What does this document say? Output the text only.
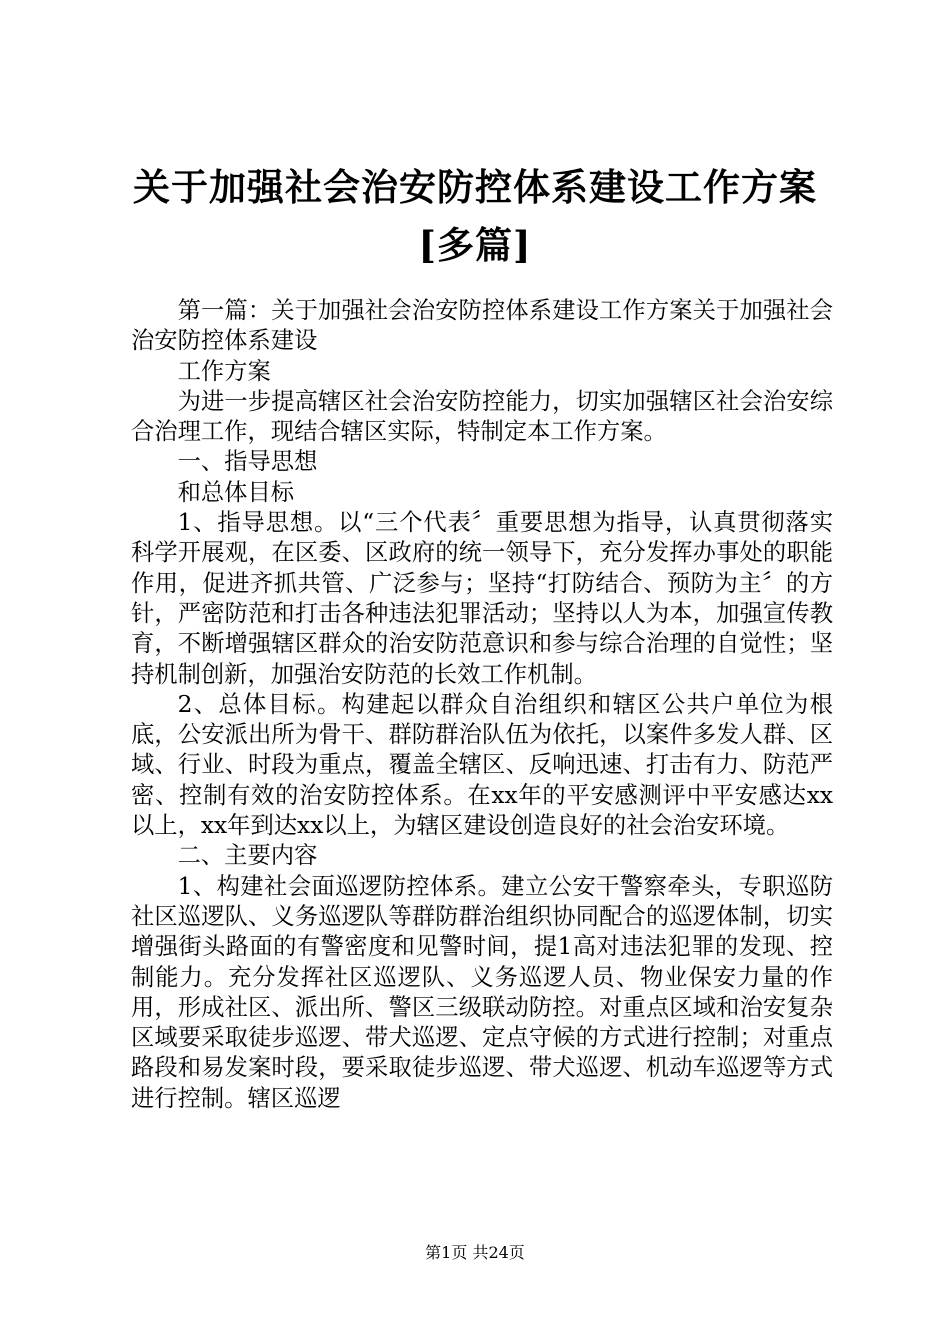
关于加强社会治安防控体系建设工作方案[多篇]

第一篇：关于加强社会治安防控体系建设工作方案关于加强社会治安防控体系建设

工作方案

为进一步提高辖区社会治安防控能力，切实加强辖区社会治安综合治理工作，现结合辖区实际，特制定本工作方案。

一、指导思想

和总体目标

1、指导思想。以“三个代表〞重要思想为指导，认真贯彻落实科学开展观，在区委、区政府的统一领导下，充分发挥办事处的职能作用，促进齐抓共管、广泛参与；坚持“打防结合、预防为主〞的方针，严密防范和打击各种违法犯罪活动；坚持以人为本，加强宣传教育，不断增强辖区群众的治安防范意识和参与综合治理的自觉性；坚持机制创新，加强治安防范的长效工作机制。

2、总体目标。构建起以群众自治组织和辖区公共户单位为根底，公安派出所为骨干、群防群治队伍为依托，以案件多发人群、区域、行业、时段为重点，覆盖全辖区、反响迅速、打击有力、防范严密、控制有效的治安防控体系。在xx年的平安感测评中平安感达xx以上，xx年到达xx以上，为辖区建设创造良好的社会治安环境。

二、主要内容

1、构建社会面巡逻防控体系。建立公安干警察牵头，专职巡防社区巡逻队、义务巡逻队等群防群治组织协同配合的巡逻体制，切实增强街头路面的有警密度和见警时间，提1高对违法犯罪的发现、控制能力。充分发挥社区巡逻队、义务巡逻人员、物业保安力量的作用，形成社区、派出所、警区三级联动防控。对重点区域和治安复杂区域要采取徒步巡逻、带犬巡逻、定点守候的方式进行控制；对重点路段和易发案时段，要采取徒步巡逻、带犬巡逻、机动车巡逻等方式进行控制。辖区巡逻

第1页 共24页
